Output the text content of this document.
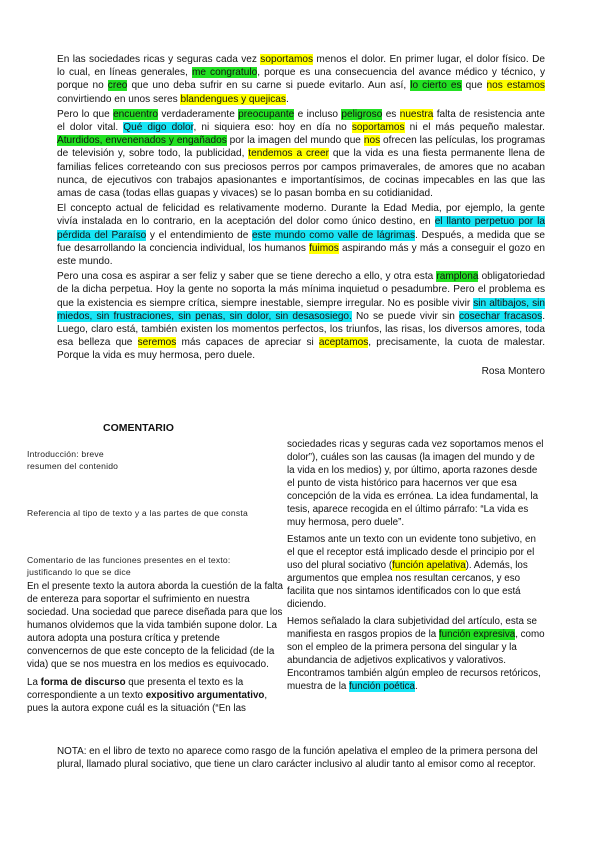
En las sociedades ricas y seguras cada vez soportamos menos el dolor. En primer lugar, el dolor físico. De lo cual, en líneas generales, me congratulo, porque es una consecuencia del avance médico y técnico, y porque no creo que uno deba sufrir en su carne si puede evitarlo. Aun así, lo cierto es que nos estamos convirtiendo en unos seres blandengues y quejicas.

Pero lo que encuentro verdaderamente preocupante e incluso peligroso es nuestra falta de resistencia ante el dolor vital. Qué digo dolor, ni siquiera eso: hoy en día no soportamos ni el más pequeño malestar. Aturdidos, envenenados y engañados por la imagen del mundo que nos ofrecen las películas, los programas de televisión y, sobre todo, la publicidad, tendemos a creer que la vida es una fiesta permanente llena de familias felices correteando con sus preciosos perros por campos primaverales, de amores que no acaban nunca, de ejecutivos con trabajos apasionantes e importantísimos, de cocinas impecables en las que las amas de casa (todas ellas guapas y vivaces) se lo pasan bomba en su cotidianidad.

El concepto actual de felicidad es relativamente moderno. Durante la Edad Media, por ejemplo, la gente vivía instalada en lo contrario, en la aceptación del dolor como único destino, en el llanto perpetuo por la pérdida del Paraíso y el entendimiento de este mundo como valle de lágrimas. Después, a medida que se fue desarrollando la conciencia individual, los humanos fuimos aspirando más y más a conseguir el gozo en este mundo.

Pero una cosa es aspirar a ser feliz y saber que se tiene derecho a ello, y otra esta ramplona obligatoriedad de la dicha perpetua. Hoy la gente no soporta la más mínima inquietud o pesadumbre. Pero el problema es que la existencia es siempre crítica, siempre inestable, siempre irregular. No es posible vivir sin altibajos, sin miedos, sin frustraciones, sin penas, sin dolor, sin desasosiego. No se puede vivir sin cosechar fracasos. Luego, claro está, también existen los momentos perfectos, los triunfos, las risas, los diversos amores, toda esa belleza que seremos más capaces de apreciar si aceptamos, precisamente, la cuota de malestar. Porque la vida es muy hermosa, pero duele.

Rosa Montero
COMENTARIO
Introducción: breve
resumen del contenido
Referencia al tipo de texto y a las partes de que consta
Comentario de las funciones presentes en el texto:
justificando lo que se dice

En el presente texto la autora aborda la cuestión de la falta de entereza para soportar el sufrimiento en nuestra sociedad. Una sociedad que parece diseñada para que los humanos olvidemos que la vida también supone dolor. La autora adopta una postura crítica y pretende convencernos de que este concepto de la felicidad (de la vida) que se nos muestra en los medios es equivocado.

La forma de discurso que presenta el texto es la correspondiente a un texto expositivo argumentativo, pues la autora expone cuál es la situación (“En las

sociedades ricas y seguras cada vez soportamos menos el dolor”), cuáles son las causas (la imagen del mundo y de la vida en los medios) y, por último, aporta razones desde el punto de vista histórico para hacernos ver que esa concepción de la vida es errónea. La idea fundamental, la tesis, aparece recogida en el último párrafo: “La vida es muy hermosa, pero duele”.

Estamos ante un texto con un evidente tono subjetivo, en el que el receptor está implicado desde el principio por el uso del plural sociativo (función apelativa). Además, los argumentos que emplea nos resultan cercanos, y eso facilita que nos sintamos identificados con lo que está diciendo.

Hemos señalado la clara subjetividad del artículo, esta se manifiesta en rasgos propios de la función expresiva, como son el empleo de la primera persona del singular y la abundancia de adjetivos explicativos y valorativos. Encontramos también algún empleo de recursos retóricos, muestra de la función poética.

NOTA: en el libro de texto no aparece como rasgo de la función apelativa el empleo de la primera persona del plural, llamado plural sociativo, que tiene un claro carácter inclusivo al aludir tanto al emisor como al receptor.
